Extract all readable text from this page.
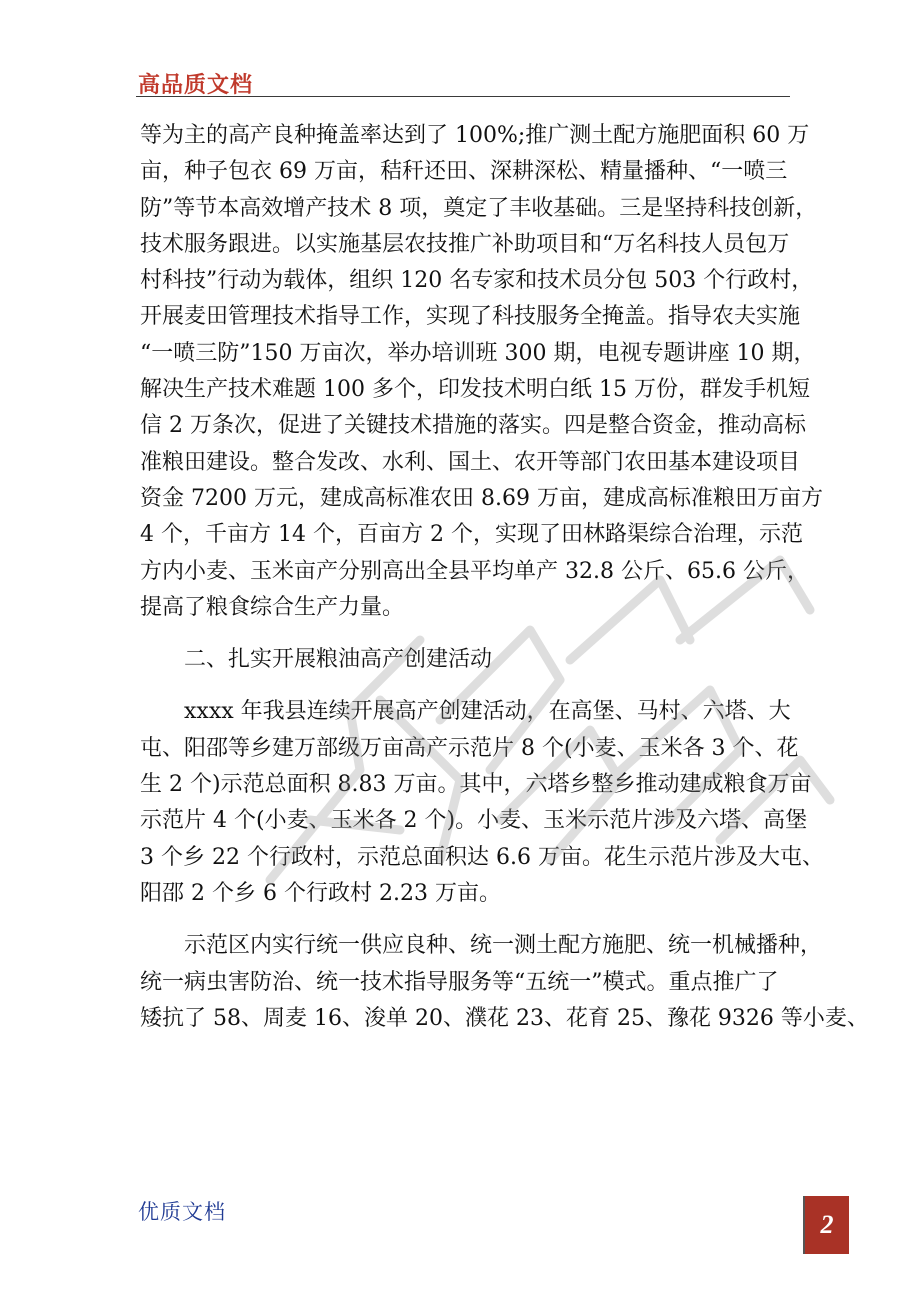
高品质文档
等为主的高产良种掩盖率达到了 100%;推广测土配方施肥面积 60 万
亩，种子包衣 69 万亩，秸秆还田、深耕深松、精量播种、“一喷三
防”等节本高效增产技术 8 项，奠定了丰收基础。三是坚持科技创新，
技术服务跟进。以实施基层农技推广补助项目和“万名科技人员包万
村科技”行动为载体，组织 120 名专家和技术员分包 503 个行政村，
开展麦田管理技术指导工作，实现了科技服务全掩盖。指导农夫实施
“一喷三防”150 万亩次，举办培训班 300 期，电视专题讲座 10 期，
解决生产技术难题 100 多个，印发技术明白纸 15 万份，群发手机短
信 2 万条次，促进了关键技术措施的落实。四是整合资金，推动高标
准粮田建设。整合发改、水利、国土、农开等部门农田基本建设项目
资金 7200 万元，建成高标准农田 8.69 万亩，建成高标准粮田万亩方
4 个，千亩方 14 个，百亩方 2 个，实现了田林路渠综合治理，示范
方内小麦、玉米亩产分别高出全县平均单产 32.8 公斤、65.6 公斤，
提高了粮食综合生产力量。
二、扎实开展粮油高产创建活动
xxxx 年我县连续开展高产创建活动，在高堡、马村、六塔、大
屯、阳邵等乡建万部级万亩高产示范片 8 个(小麦、玉米各 3 个、花
生 2 个)示范总面积 8.83 万亩。其中，六塔乡整乡推动建成粮食万亩
示范片 4 个(小麦、玉米各 2 个)。小麦、玉米示范片涉及六塔、高堡
3 个乡 22 个行政村，示范总面积达 6.6 万亩。花生示范片涉及大屯、
阳邵 2 个乡 6 个行政村 2.23 万亩。
示范区内实行统一供应良种、统一测土配方施肥、统一机械播种，
统一病虫害防治、统一技术指导服务等“五统一”模式。重点推广了
矮抗了 58、周麦 16、浚单 20、濮花 23、花育 25、豫花 9326 等小麦、
优质文档	2
